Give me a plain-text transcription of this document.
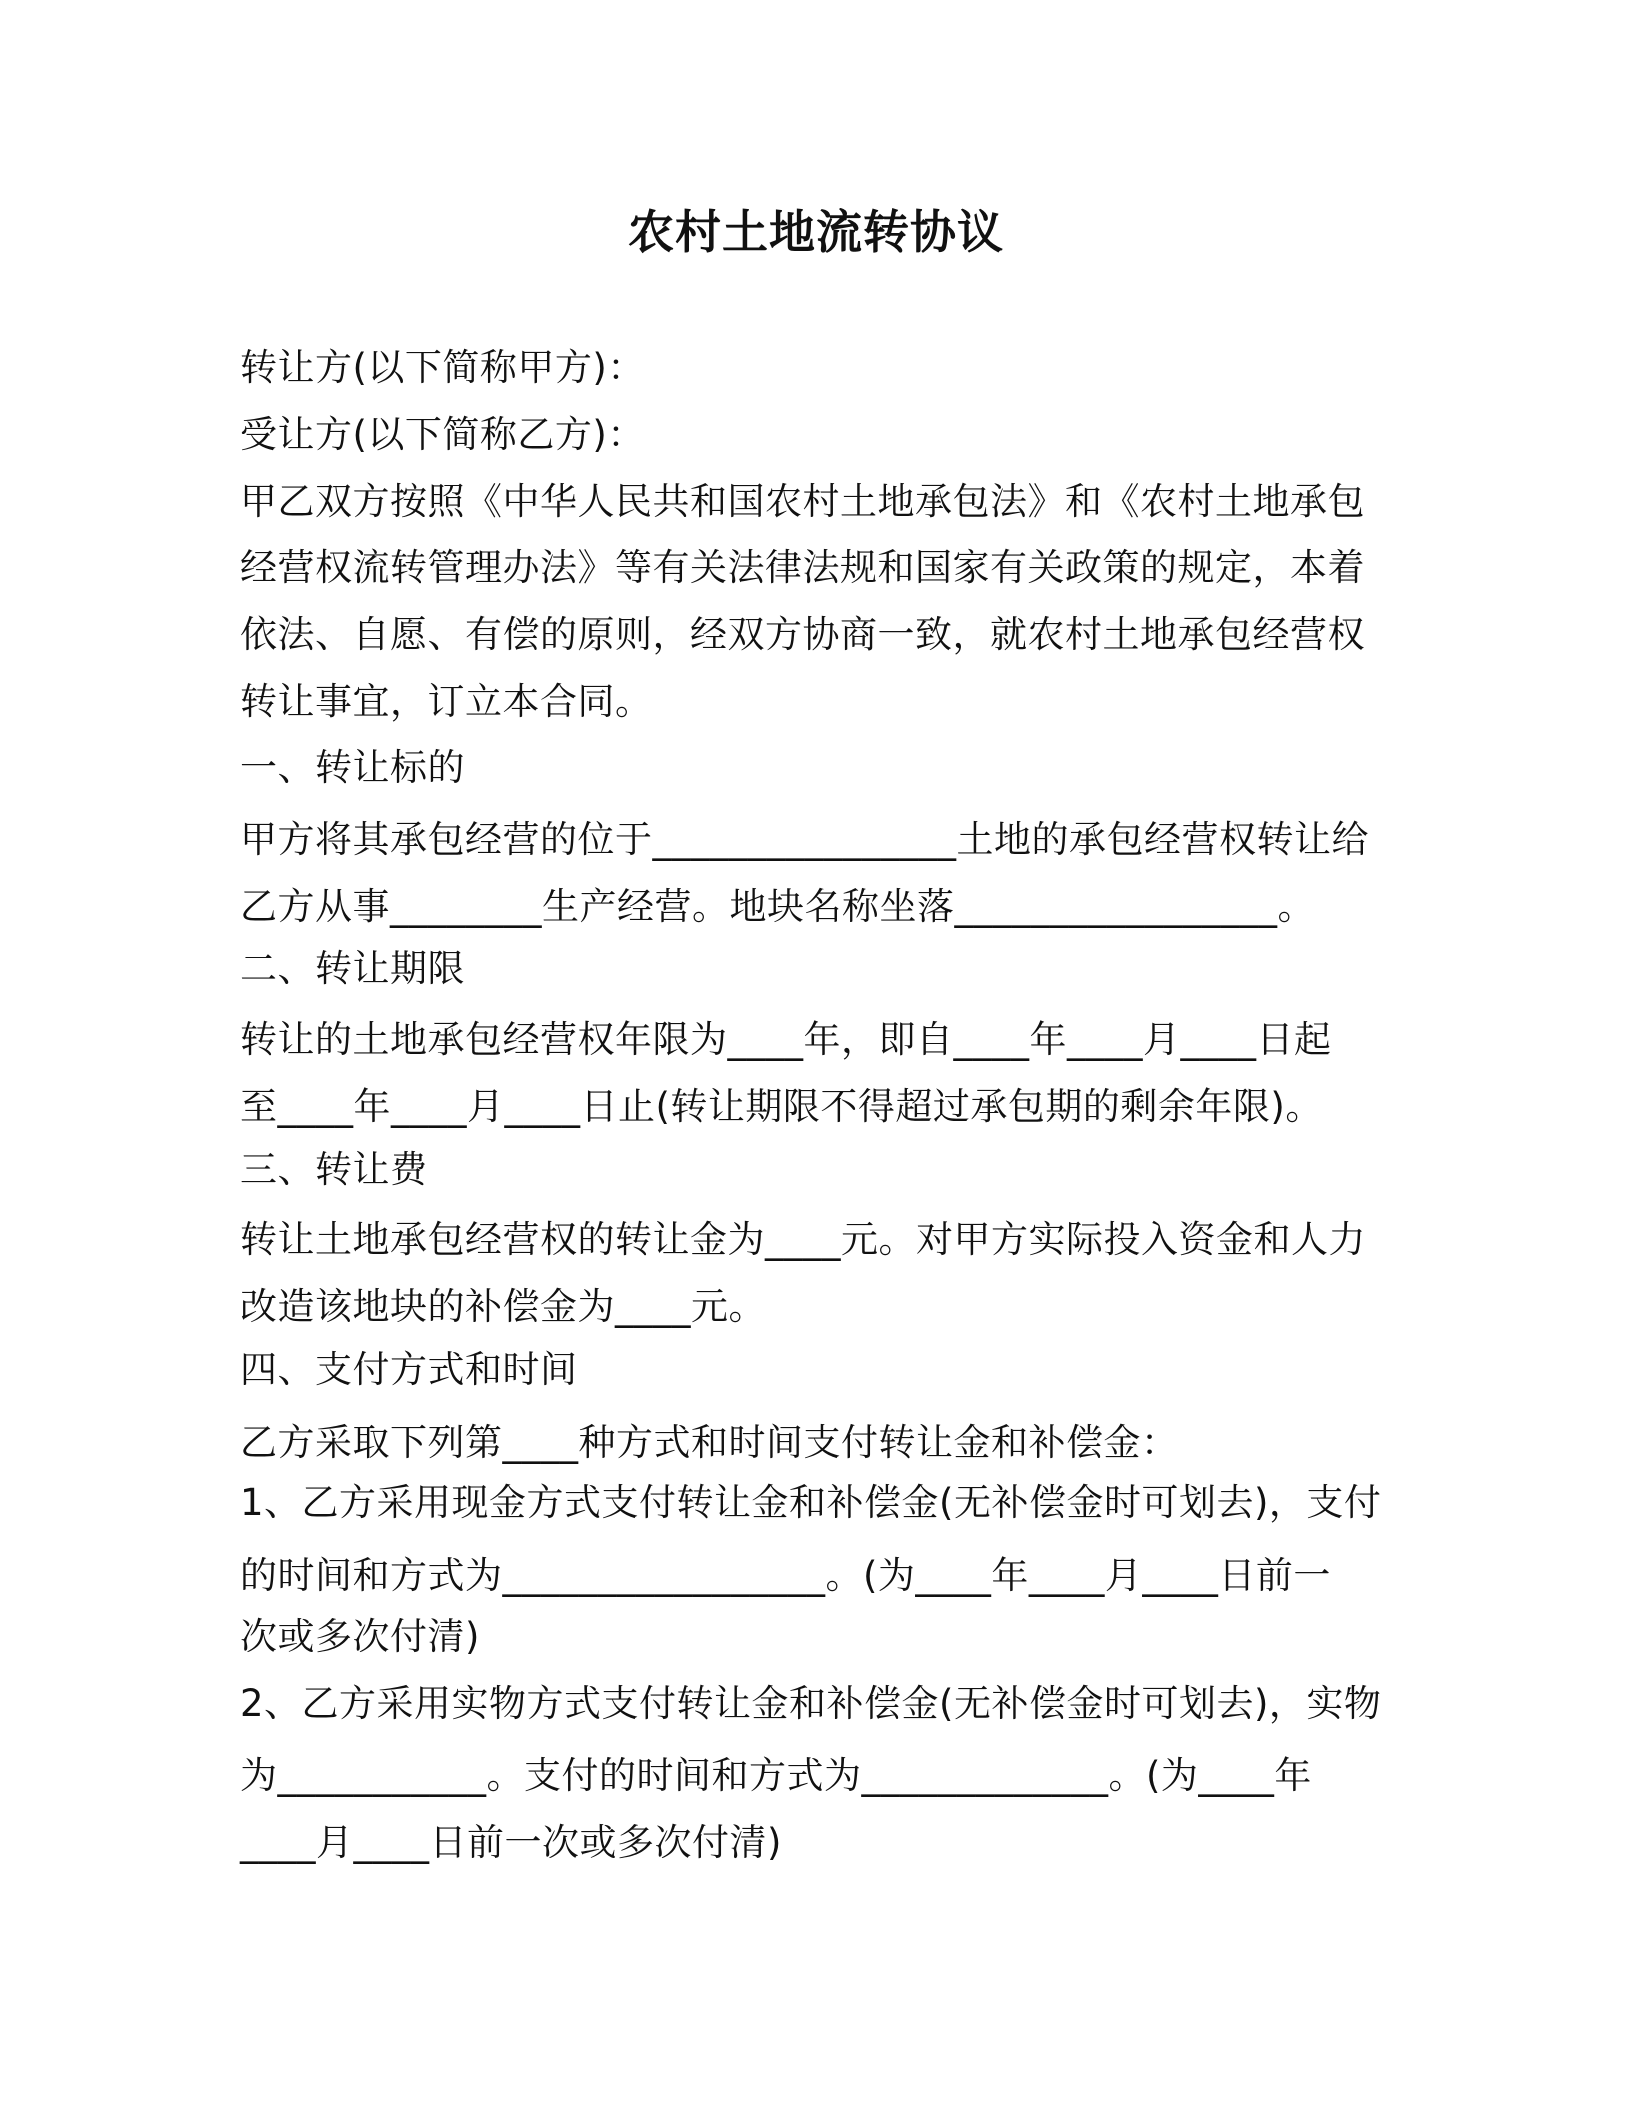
农村土地流转协议
转让方(以下简称甲方)：
受让方(以下简称乙方)：
甲乙双方按照《中华人民共和国农村土地承包法》和《农村土地承包
经营权流转管理办法》等有关法律法规和国家有关政策的规定，本着
依法、自愿、有偿的原则，经双方协商一致，就农村土地承包经营权
转让事宜，订立本合同。
一、转让标的
甲方将其承包经营的位于________________土地的承包经营权转让给
乙方从事________生产经营。地块名称坐落_________________。
二、转让期限
转让的土地承包经营权年限为____年，即自____年____月____日起
至____年____月____日止(转让期限不得超过承包期的剩余年限)。
三、转让费
转让土地承包经营权的转让金为____元。对甲方实际投入资金和人力
改造该地块的补偿金为____元。
四、支付方式和时间
乙方采取下列第____种方式和时间支付转让金和补偿金：
1、乙方采用现金方式支付转让金和补偿金(无补偿金时可划去)，支付
的时间和方式为_________________。(为____年____月____日前一
次或多次付清)
2、乙方采用实物方式支付转让金和补偿金(无补偿金时可划去)，实物
为___________。支付的时间和方式为_____________。(为____年
____月____日前一次或多次付清)
